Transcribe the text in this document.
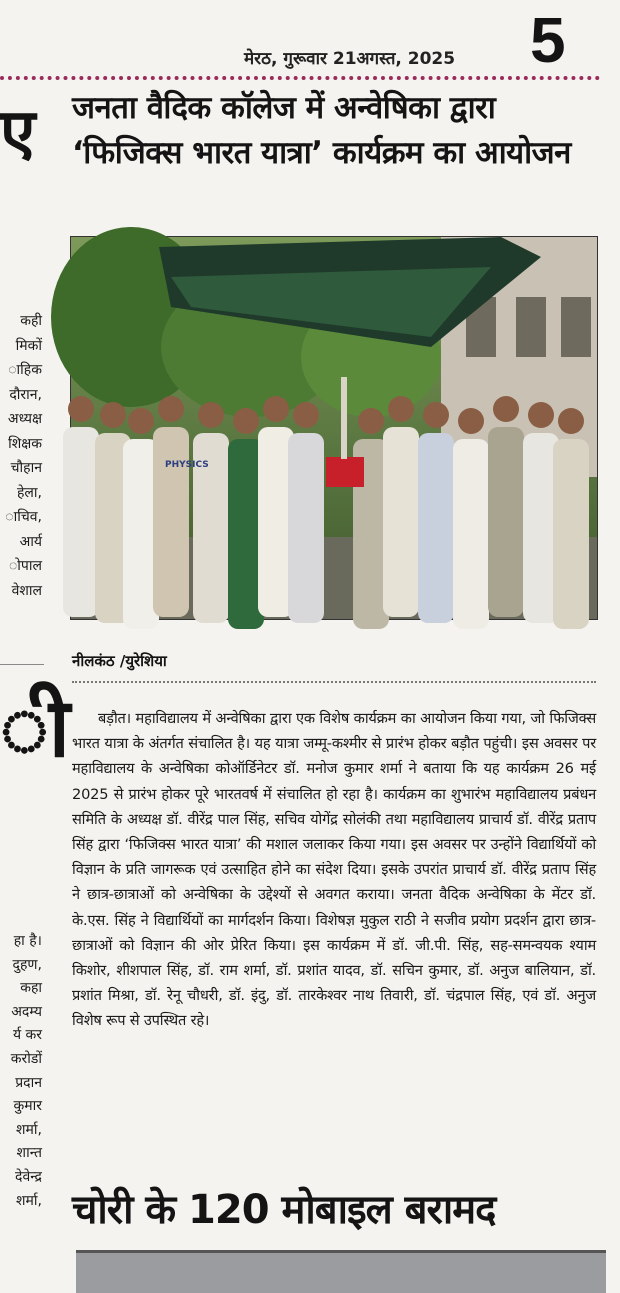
मेरठ, गुरूवार 21अगस्त, 2025 5
ए
कही
मिकों
ाहिक
दौरान,
अध्यक्ष
शिक्षक
चौहान
हेला,
ाचिव,
आर्य
ोपाल
वेशाल
ी
हा है।
दुहण,
कहा
अदम्य
र्य कर
करोडों
प्रदान
कुमार
शर्मा,
शान्त
देवेन्द्र
शर्मा,
जनता वैदिक कॉलेज में अन्वेषिका द्वारा ‘फिजिक्स भारत यात्रा’ कार्यक्रम का आयोजन
PHYSICS
नीलकंठ /युरेशिया

बड़ौत। महाविद्यालय में अन्वेषिका द्वारा एक विशेष कार्यक्रम का आयोजन किया गया, जो फिजिक्स भारत यात्रा के अंतर्गत संचालित है। यह यात्रा जम्मू-कश्मीर से प्रारंभ होकर बड़ौत पहुंची। इस अवसर पर महाविद्यालय के अन्वेषिका कोऑर्डिनेटर डॉ. मनोज कुमार शर्मा ने बताया कि यह कार्यक्रम 26 मई 2025 से प्रारंभ होकर पूरे भारतवर्ष में संचालित हो रहा है। कार्यक्रम का शुभारंभ महाविद्यालय प्रबंधन समिति के अध्यक्ष डॉ. वीरेंद्र पाल सिंह, सचिव योगेंद्र सोलंकी तथा महाविद्यालय प्राचार्य डॉ. वीरेंद्र प्रताप सिंह द्वारा ‘फिजिक्स भारत यात्रा’ की मशाल जलाकर किया गया। इस अवसर पर उन्होंने विद्यार्थियों को विज्ञान के प्रति जागरूक एवं उत्साहित होने का संदेश दिया। इसके उपरांत प्राचार्य डॉ. वीरेंद्र प्रताप सिंह ने छात्र-छात्राओं को अन्वेषिका के उद्देश्यों से अवगत कराया। जनता वैदिक अन्वेषिका के मेंटर डॉ. के.एस. सिंह ने विद्यार्थियों का मार्गदर्शन किया। विशेषज्ञ मुकुल राठी ने सजीव प्रयोग प्रदर्शन द्वारा छात्र-छात्राओं को विज्ञान की ओर प्रेरित किया। इस कार्यक्रम में डॉ. जी.पी. सिंह, सह-समन्वयक श्याम किशोर, शीशपाल सिंह, डॉ. राम शर्मा, डॉ. प्रशांत यादव, डॉ. सचिन कुमार, डॉ. अनुज बालियान, डॉ. प्रशांत मिश्रा, डॉ. रेनू चौधरी, डॉ. इंदु, डॉ. तारकेश्वर नाथ तिवारी, डॉ. चंद्रपाल सिंह, एवं डॉ. अनुज विशेष रूप से उपस्थित रहे।

चोरी के 120 मोबाइल बरामद
